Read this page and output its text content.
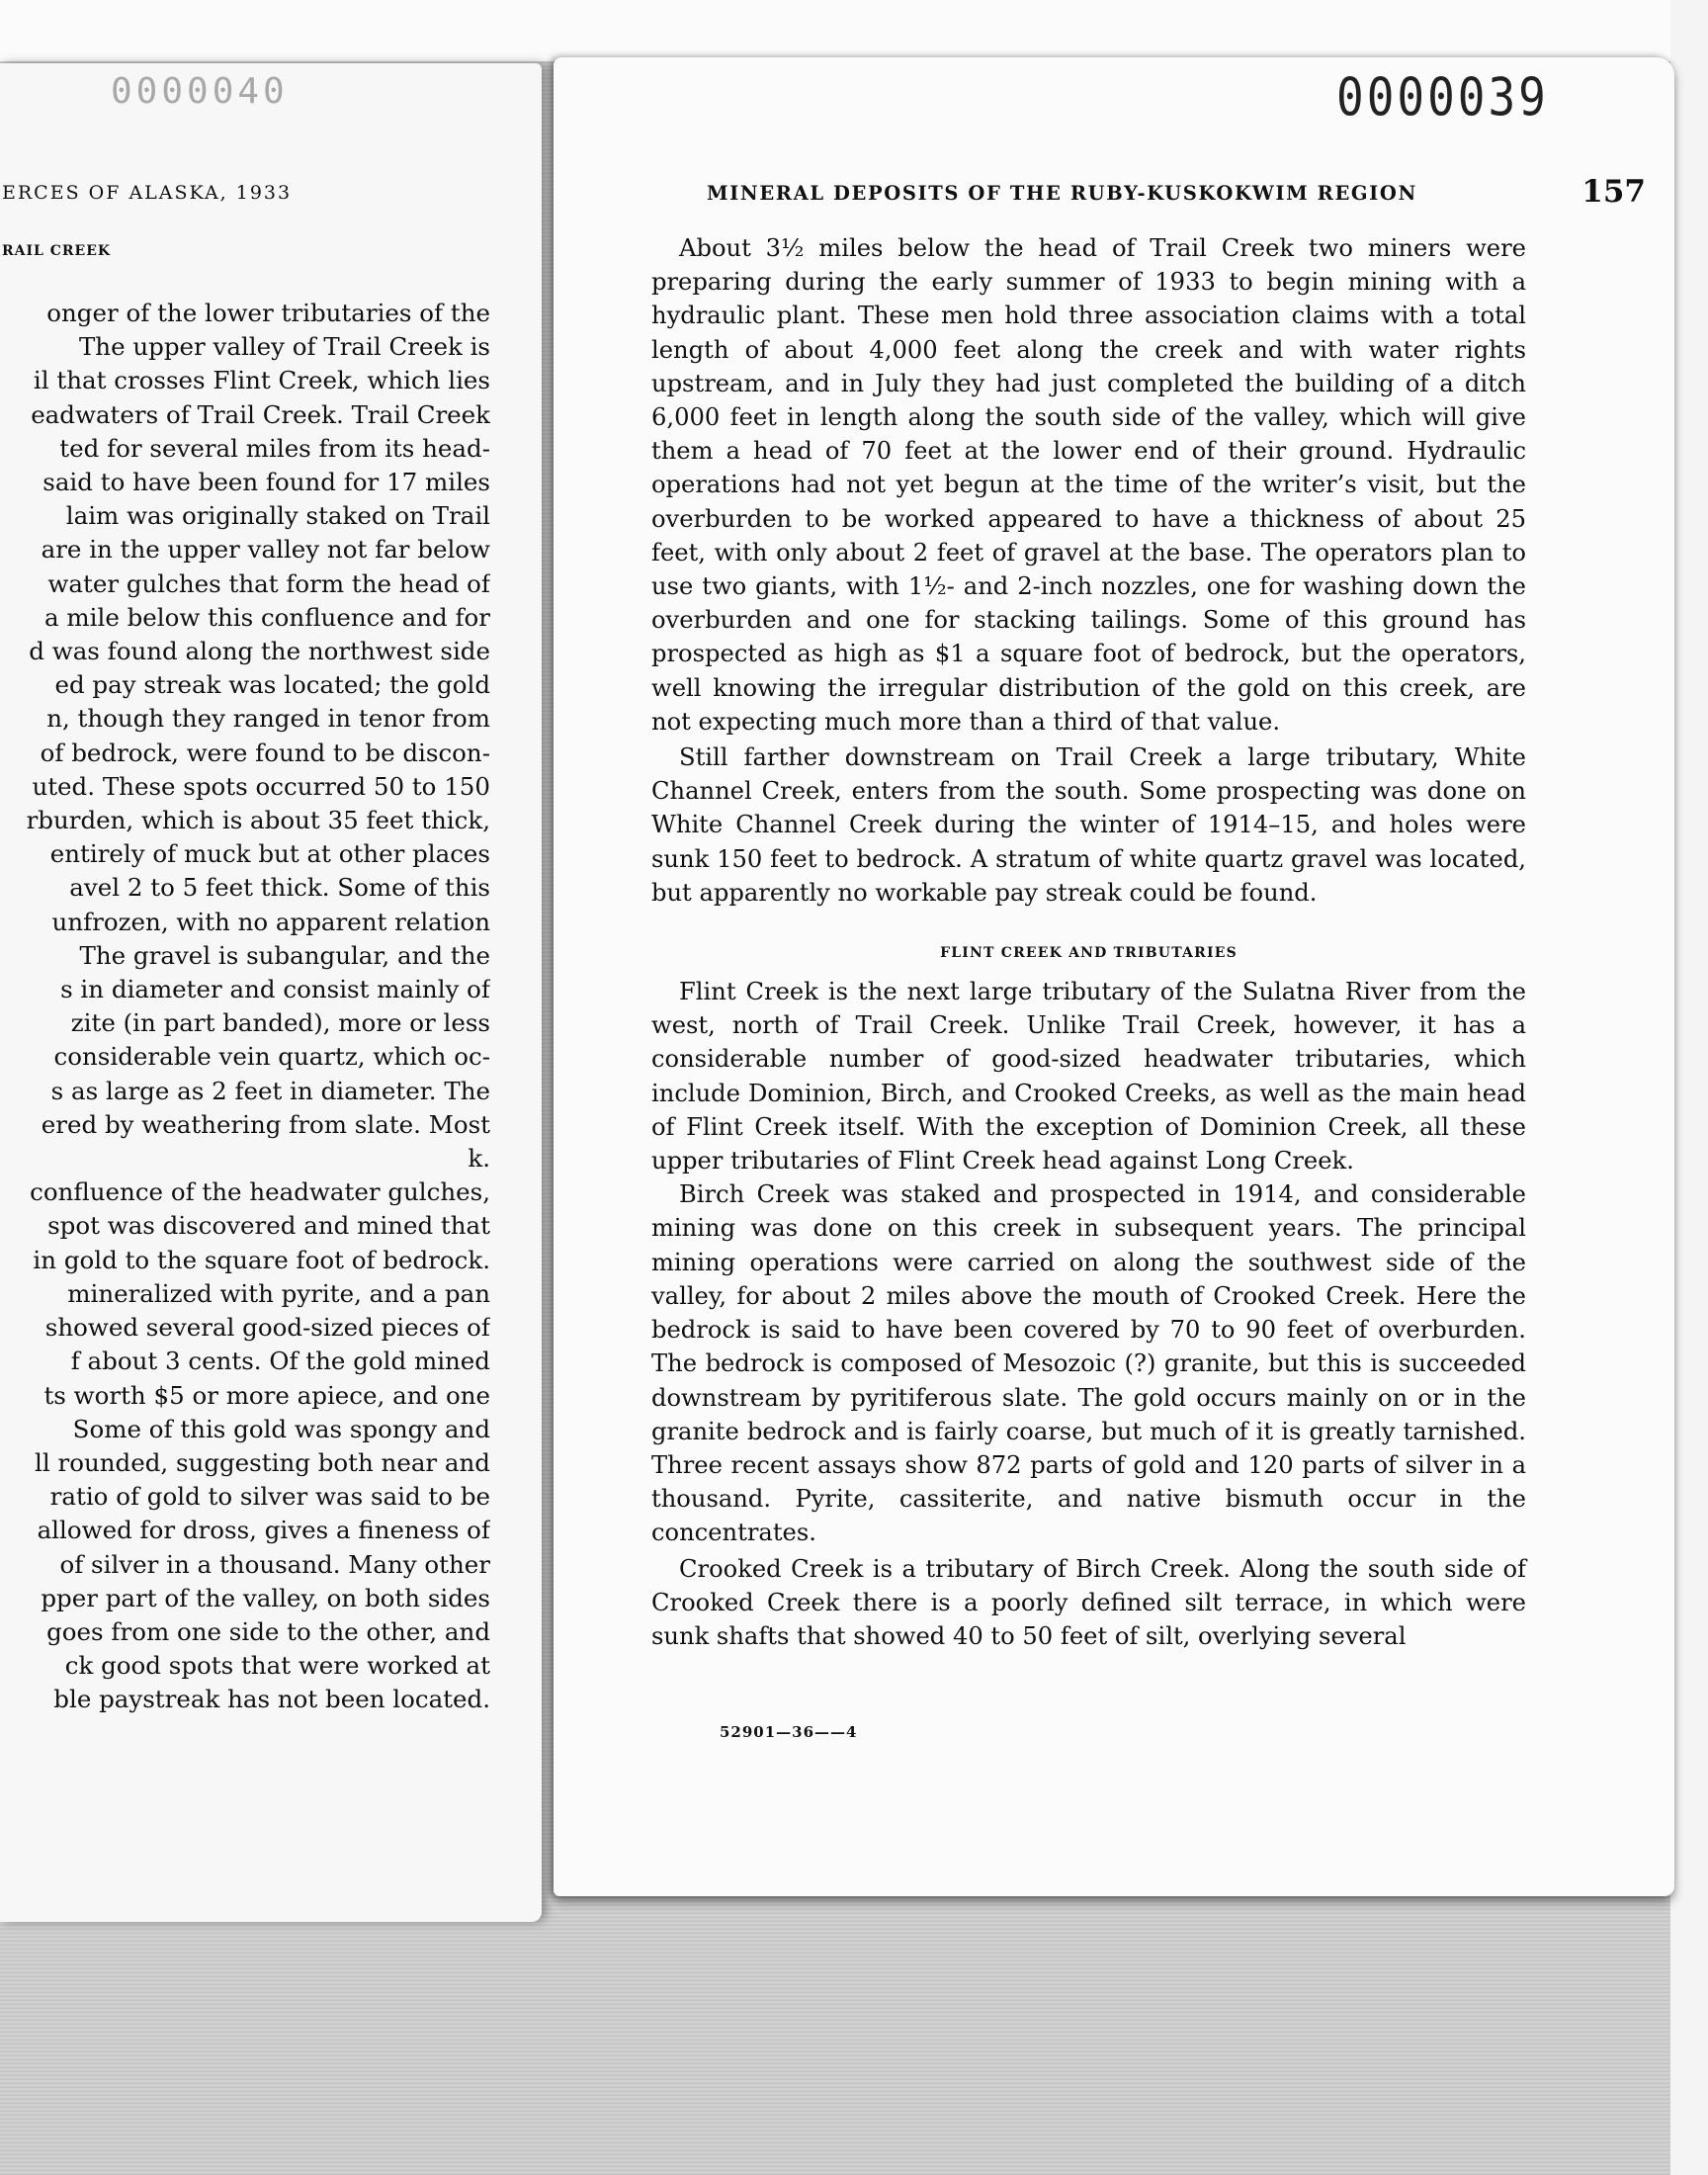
0000040
ERCES OF ALASKA, 1933
RAIL CREEK
onger of the lower tributaries of the
The upper valley of Trail Creek is
il that crosses Flint Creek, which lies
eadwaters of Trail Creek. Trail Creek
ted for several miles from its head-
said to have been found for 17 miles
laim was originally staked on Trail
are in the upper valley not far below
water gulches that form the head of
a mile below this confluence and for
d was found along the northwest side
ed pay streak was located; the gold
n, though they ranged in tenor from
of bedrock, were found to be discon-
uted. These spots occurred 50 to 150
rburden, which is about 35 feet thick,
entirely of muck but at other places
avel 2 to 5 feet thick. Some of this
unfrozen, with no apparent relation
The gravel is subangular, and the
s in diameter and consist mainly of
zite (in part banded), more or less
considerable vein quartz, which oc-
s as large as 2 feet in diameter. The
ered by weathering from slate. Most
k.
confluence of the headwater gulches,
spot was discovered and mined that
in gold to the square foot of bedrock.
mineralized with pyrite, and a pan
showed several good-sized pieces of
f about 3 cents. Of the gold mined
ts worth $5 or more apiece, and one
Some of this gold was spongy and
ll rounded, suggesting both near and
ratio of gold to silver was said to be
allowed for dross, gives a fineness of
of silver in a thousand. Many other
pper part of the valley, on both sides
goes from one side to the other, and
ck good spots that were worked at
ble paystreak has not been located.
0000039
MINERAL DEPOSITS OF THE RUBY-KUSKOKWIM REGION	157

About 3½ miles below the head of Trail Creek two miners were preparing during the early summer of 1933 to begin mining with a hydraulic plant. These men hold three association claims with a total length of about 4,000 feet along the creek and with water rights upstream, and in July they had just completed the building of a ditch 6,000 feet in length along the south side of the valley, which will give them a head of 70 feet at the lower end of their ground. Hydraulic operations had not yet begun at the time of the writer’s visit, but the overburden to be worked appeared to have a thickness of about 25 feet, with only about 2 feet of gravel at the base. The operators plan to use two giants, with 1½- and 2-inch nozzles, one for washing down the overburden and one for stacking tailings. Some of this ground has prospected as high as $1 a square foot of bedrock, but the operators, well knowing the irregular distribution of the gold on this creek, are not expecting much more than a third of that value.

Still farther downstream on Trail Creek a large tributary, White Channel Creek, enters from the south. Some prospecting was done on White Channel Creek during the winter of 1914–15, and holes were sunk 150 feet to bedrock. A stratum of white quartz gravel was located, but apparently no workable pay streak could be found.

FLINT CREEK AND TRIBUTARIES

Flint Creek is the next large tributary of the Sulatna River from the west, north of Trail Creek. Unlike Trail Creek, however, it has a considerable number of good-sized headwater tributaries, which include Dominion, Birch, and Crooked Creeks, as well as the main head of Flint Creek itself. With the exception of Dominion Creek, all these upper tributaries of Flint Creek head against Long Creek.

Birch Creek was staked and prospected in 1914, and considerable mining was done on this creek in subsequent years. The principal mining operations were carried on along the southwest side of the valley, for about 2 miles above the mouth of Crooked Creek. Here the bedrock is said to have been covered by 70 to 90 feet of overburden. The bedrock is composed of Mesozoic (?) granite, but this is succeeded downstream by pyritiferous slate. The gold occurs mainly on or in the granite bedrock and is fairly coarse, but much of it is greatly tarnished. Three recent assays show 872 parts of gold and 120 parts of silver in a thousand. Pyrite, cassiterite, and native bismuth occur in the concentrates.

Crooked Creek is a tributary of Birch Creek. Along the south side of Crooked Creek there is a poorly defined silt terrace, in which were sunk shafts that showed 40 to 50 feet of silt, overlying several

52901—36——4
